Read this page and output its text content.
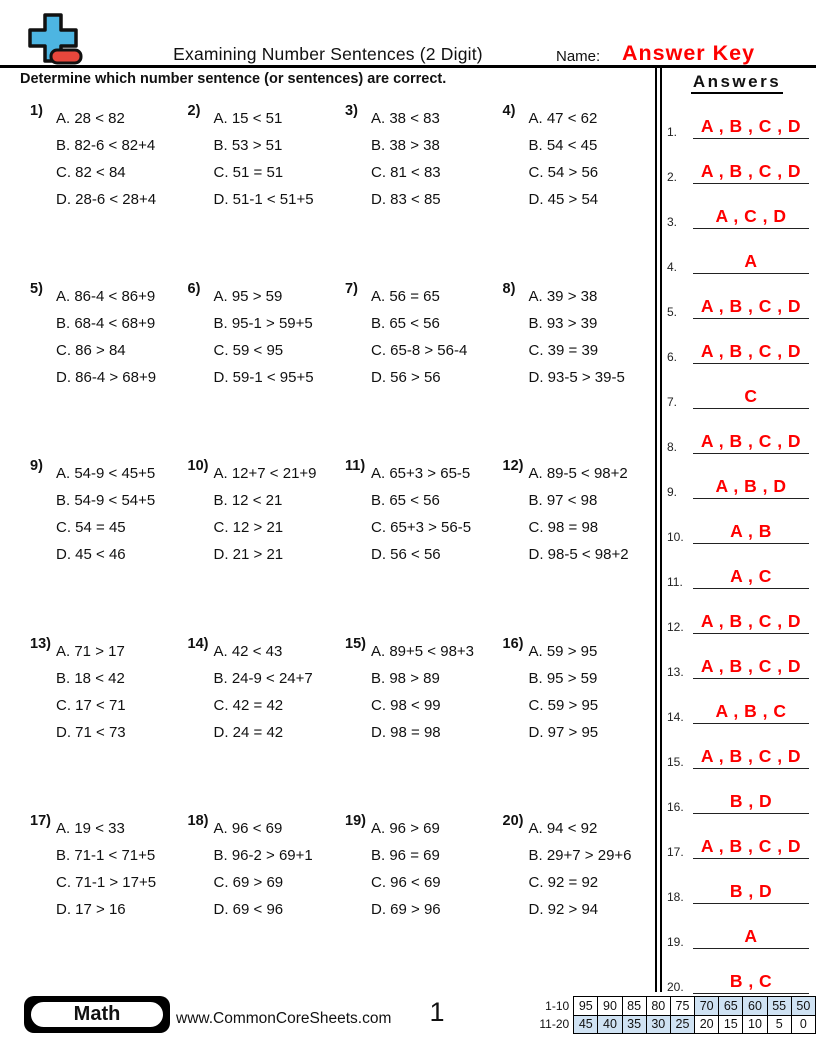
Examining Number Sentences (2 Digit)	Name: Answer Key
Determine which number sentence (or sentences) are correct.
1) A. 28 < 82
B. 82-6 < 82+4
C. 82 < 84
D. 28-6 < 28+4
2) A. 15 < 51
B. 53 > 51
C. 51 = 51
D. 51-1 < 51+5
3) A. 38 < 83
B. 38 > 38
C. 81 < 83
D. 83 < 85
4) A. 47 < 62
B. 54 < 45
C. 54 > 56
D. 45 > 54
5) A. 86-4 < 86+9
B. 68-4 < 68+9
C. 86 > 84
D. 86-4 > 68+9
6) A. 95 > 59
B. 95-1 > 59+5
C. 59 < 95
D. 59-1 < 95+5
7) A. 56 = 65
B. 65 < 56
C. 65-8 > 56-4
D. 56 > 56
8) A. 39 > 38
B. 93 > 39
C. 39 = 39
D. 93-5 > 39-5
9) A. 54-9 < 45+5
B. 54-9 < 54+5
C. 54 = 45
D. 45 < 46
10) A. 12+7 < 21+9
B. 12 < 21
C. 12 > 21
D. 21 > 21
11) A. 65+3 > 65-5
B. 65 < 56
C. 65+3 > 56-5
D. 56 < 56
12) A. 89-5 < 98+2
B. 97 < 98
C. 98 = 98
D. 98-5 < 98+2
13) A. 71 > 17
B. 18 < 42
C. 17 < 71
D. 71 < 73
14) A. 42 < 43
B. 24-9 < 24+7
C. 42 = 42
D. 24 = 42
15) A. 89+5 < 98+3
B. 98 > 89
C. 98 < 99
D. 98 = 98
16) A. 59 > 95
B. 95 > 59
C. 59 > 95
D. 97 > 95
17) A. 19 < 33
B. 71-1 < 71+5
C. 71-1 > 17+5
D. 17 > 16
18) A. 96 < 69
B. 96-2 > 69+1
C. 69 > 69
D. 69 < 96
19) A. 96 > 69
B. 96 = 69
C. 96 < 69
D. 69 > 96
20) A. 94 < 92
B. 29+7 > 29+6
C. 92 = 92
D. 92 > 94
Answers
1.	A , B , C , D
2.	A , B , C , D
3.	A , C , D
4.	A
5.	A , B , C , D
6.	A , B , C , D
7.	C
8.	A , B , C , D
9.	A , B , D
10.	A , B
11.	A , C
12. A , B , C , D
13. A , B , C , D
14.	A , B , C
15. A , B , C , D
16.	B , D
17. A , B , C , D
18.	B , D
19.	A
20.	B , C
Math	www.CommonCoreSheets.com	1	1-10	95	90	85	80	75	70	65	60	55	50
11-20	45	40	35	30	25	20	15	10	5	0
